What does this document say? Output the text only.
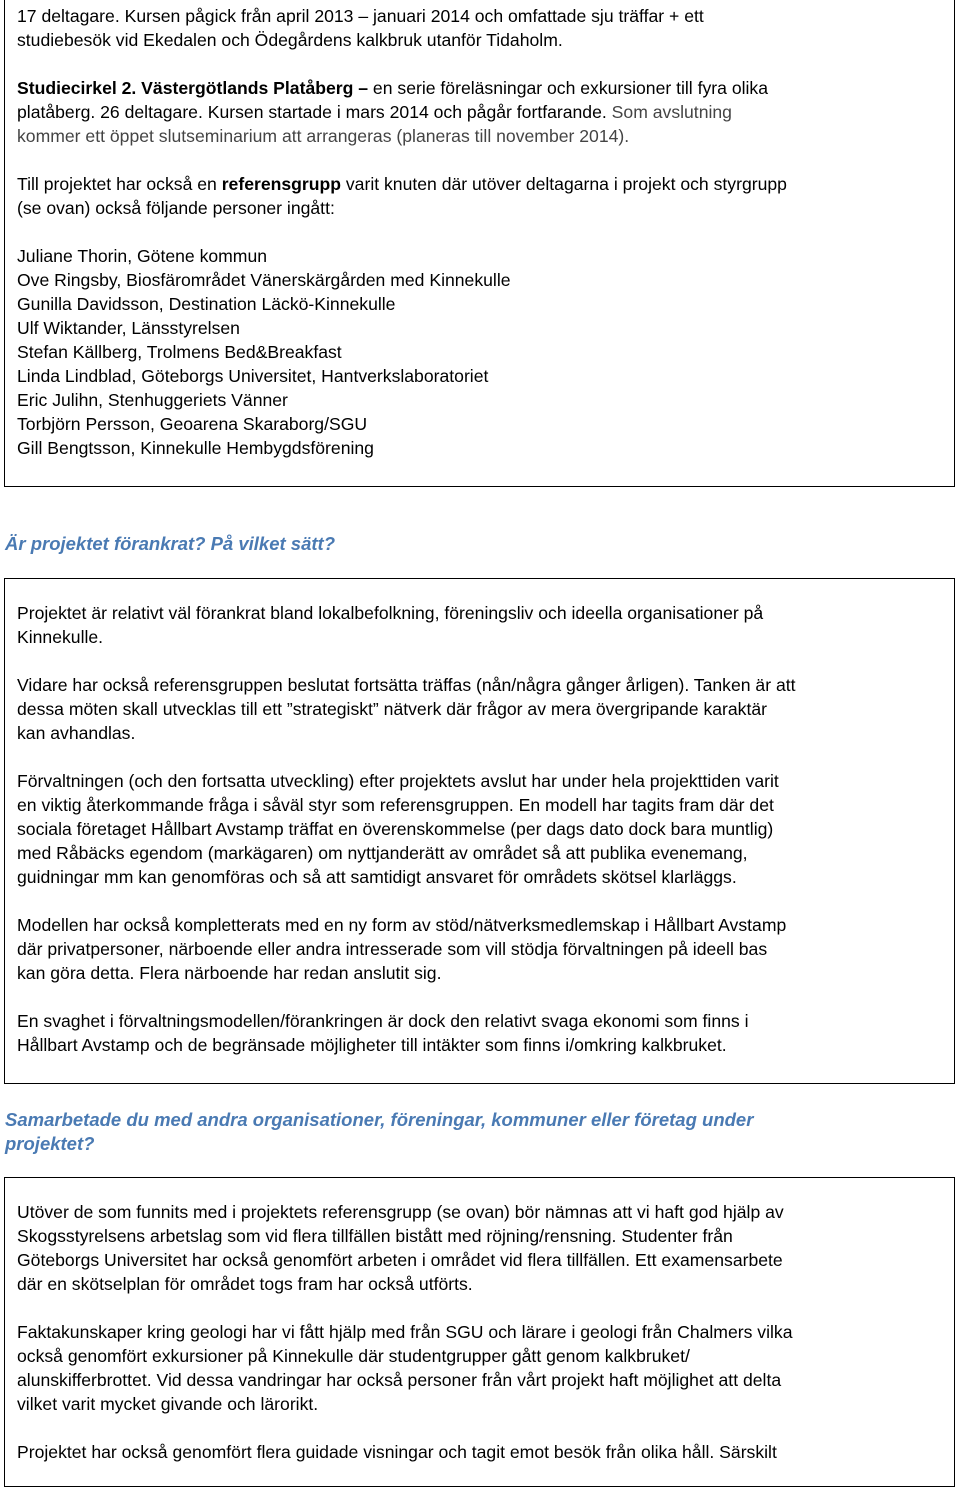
17 deltagare. Kursen pågick från april 2013 – januari 2014 och omfattade sju träffar + ett
studiebesök vid Ekedalen och Ödegårdens kalkbruk utanför Tidaholm.

Studiecirkel 2. Västergötlands Platåberg – en serie föreläsningar och exkursioner till fyra olika
platåberg. 26 deltagare. Kursen startade i mars 2014 och pågår fortfarande. Som avslutning
kommer ett öppet slutseminarium att arrangeras (planeras till november 2014).

Till projektet har också en referensgrupp varit knuten där utöver deltagarna i projekt och styrgrupp
(se ovan) också följande personer ingått:

Juliane Thorin, Götene kommun
Ove Ringsby, Biosfärområdet Vänerskärgården med Kinnekulle
Gunilla Davidsson, Destination Läckö-Kinnekulle
Ulf Wiktander, Länsstyrelsen
Stefan Källberg, Trolmens Bed&Breakfast
Linda Lindblad, Göteborgs Universitet, Hantverkslaboratoriet
Eric Julihn, Stenhuggeriets Vänner
Torbjörn Persson, Geoarena Skaraborg/SGU
Gill Bengtsson, Kinnekulle Hembygdsförening
Är projektet förankrat? På vilket sätt?

Projektet är relativt väl förankrat bland lokalbefolkning, föreningsliv och ideella organisationer på
Kinnekulle.

Vidare har också referensgruppen beslutat fortsätta träffas (nån/några gånger årligen). Tanken är att
dessa möten skall utvecklas till ett ”strategiskt” nätverk där frågor av mera övergripande karaktär
kan avhandlas.

Förvaltningen (och den fortsatta utveckling) efter projektets avslut har under hela projekttiden varit
en viktig återkommande fråga i såväl styr som referensgruppen. En modell har tagits fram där det
sociala företaget Hållbart Avstamp träffat en överenskommelse (per dags dato dock bara muntlig)
med Råbäcks egendom (markägaren) om nyttjanderätt av området så att publika evenemang,
guidningar mm kan genomföras och så att samtidigt ansvaret för områdets skötsel klarläggs.

Modellen har också kompletterats med en ny form av stöd/nätverksmedlemskap i Hållbart Avstamp
där privatpersoner, närboende eller andra intresserade som vill stödja förvaltningen på ideell bas
kan göra detta. Flera närboende har redan anslutit sig.

En svaghet i förvaltningsmodellen/förankringen är dock den relativt svaga ekonomi som finns i
Hållbart Avstamp och de begränsade möjligheter till intäkter som finns i/omkring kalkbruket.

Samarbetade du med andra organisationer, föreningar, kommuner eller företag under
projektet?

Utöver de som funnits med i projektets referensgrupp (se ovan) bör nämnas att vi haft god hjälp av
Skogsstyrelsens arbetslag som vid flera tillfällen bistått med röjning/rensning. Studenter från
Göteborgs Universitet har också genomfört arbeten i området vid flera tillfällen. Ett examensarbete
där en skötselplan för området togs fram har också utförts.

Faktakunskaper kring geologi har vi fått hjälp med från SGU och lärare i geologi från Chalmers vilka
också genomfört exkursioner på Kinnekulle där studentgrupper gått genom kalkbruket/
alunskifferbrottet. Vid dessa vandringar har också personer från vårt projekt haft möjlighet att delta
vilket varit mycket givande och lärorikt.

Projektet har också genomfört flera guidade visningar och tagit emot besök från olika håll. Särskilt
